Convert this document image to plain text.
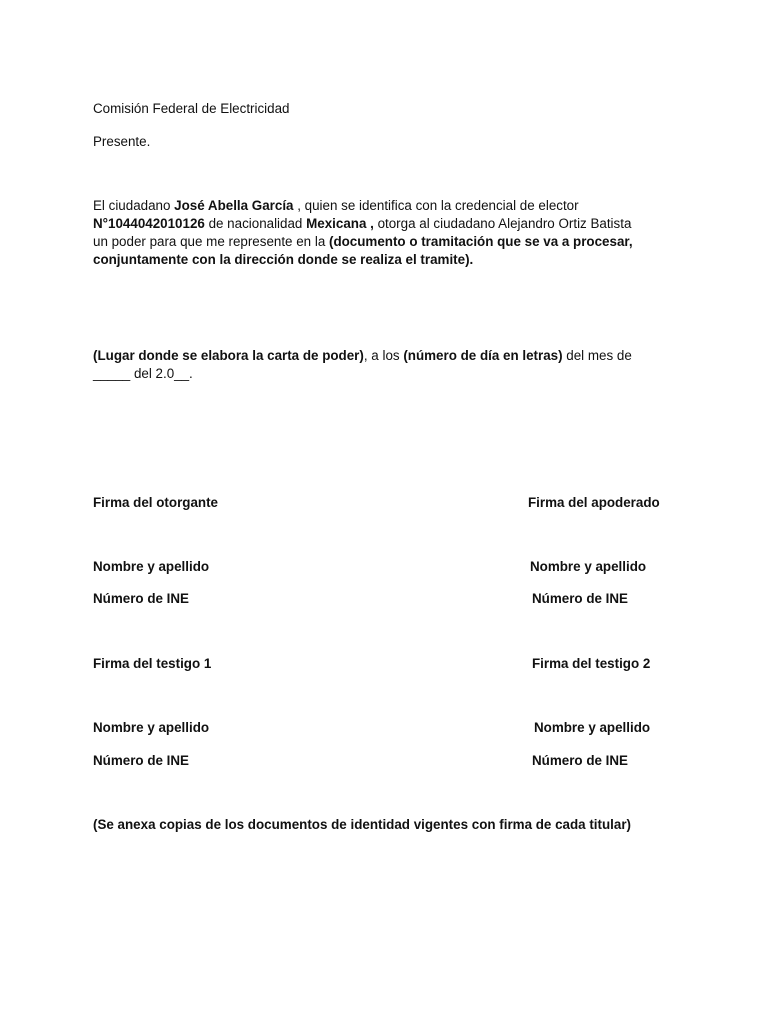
Comisión Federal de Electricidad
Presente.
El ciudadano José Abella García , quien se identifica con la credencial de elector
N°1044042010126 de nacionalidad Mexicana , otorga al ciudadano Alejandro Ortiz Batista
un poder para que me represente en la (documento o tramitación que se va a procesar,
conjuntamente con la dirección donde se realiza el tramite).
(Lugar donde se elabora la carta de poder), a los (número de día en letras) del mes de
_____ del 2.0__.
Firma del otorgante	Firma del apoderado
Nombre y apellido	Nombre y apellido
Número de INE	Número de INE
Firma del testigo 1	Firma del testigo 2
Nombre y apellido	Nombre y apellido
Número de INE	Número de INE
(Se anexa copias de los documentos de identidad vigentes con firma de cada titular)
